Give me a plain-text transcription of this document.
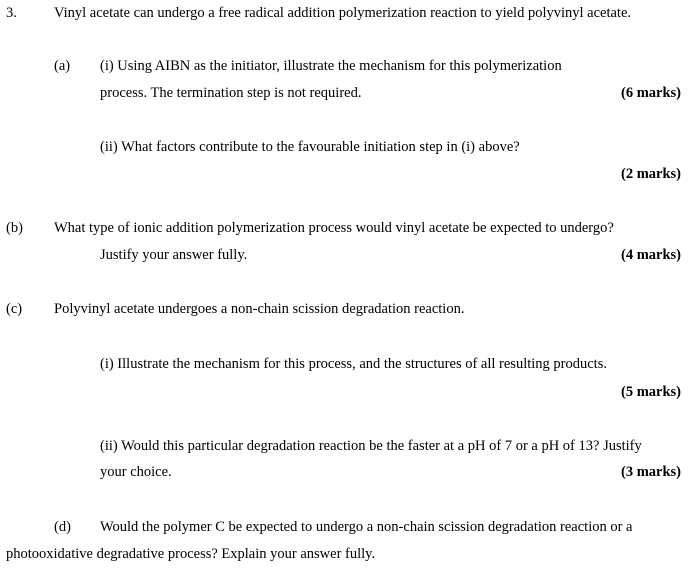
3.	Vinyl acetate can undergo a free radical addition polymerization reaction to yield polyvinyl acetate.
(a) (i) Using AIBN as the initiator, illustrate the mechanism for this polymerization
process. The termination step is not required.	(6 marks)
(ii) What factors contribute to the favourable initiation step in (i) above?
(2 marks)
(b) What type of ionic addition polymerization process would vinyl acetate be expected to undergo?
Justify your answer fully.	(4 marks)
(c) Polyvinyl acetate undergoes a non-chain scission degradation reaction.
(i) Illustrate the mechanism for this process, and the structures of all resulting products.
(5 marks)
(ii) Would this particular degradation reaction be the faster at a pH of 7 or a pH of 13? Justify
your choice.	(3 marks)
(d) Would the polymer C be expected to undergo a non-chain scission degradation reaction or a
photooxidative degradative process? Explain your answer fully.
